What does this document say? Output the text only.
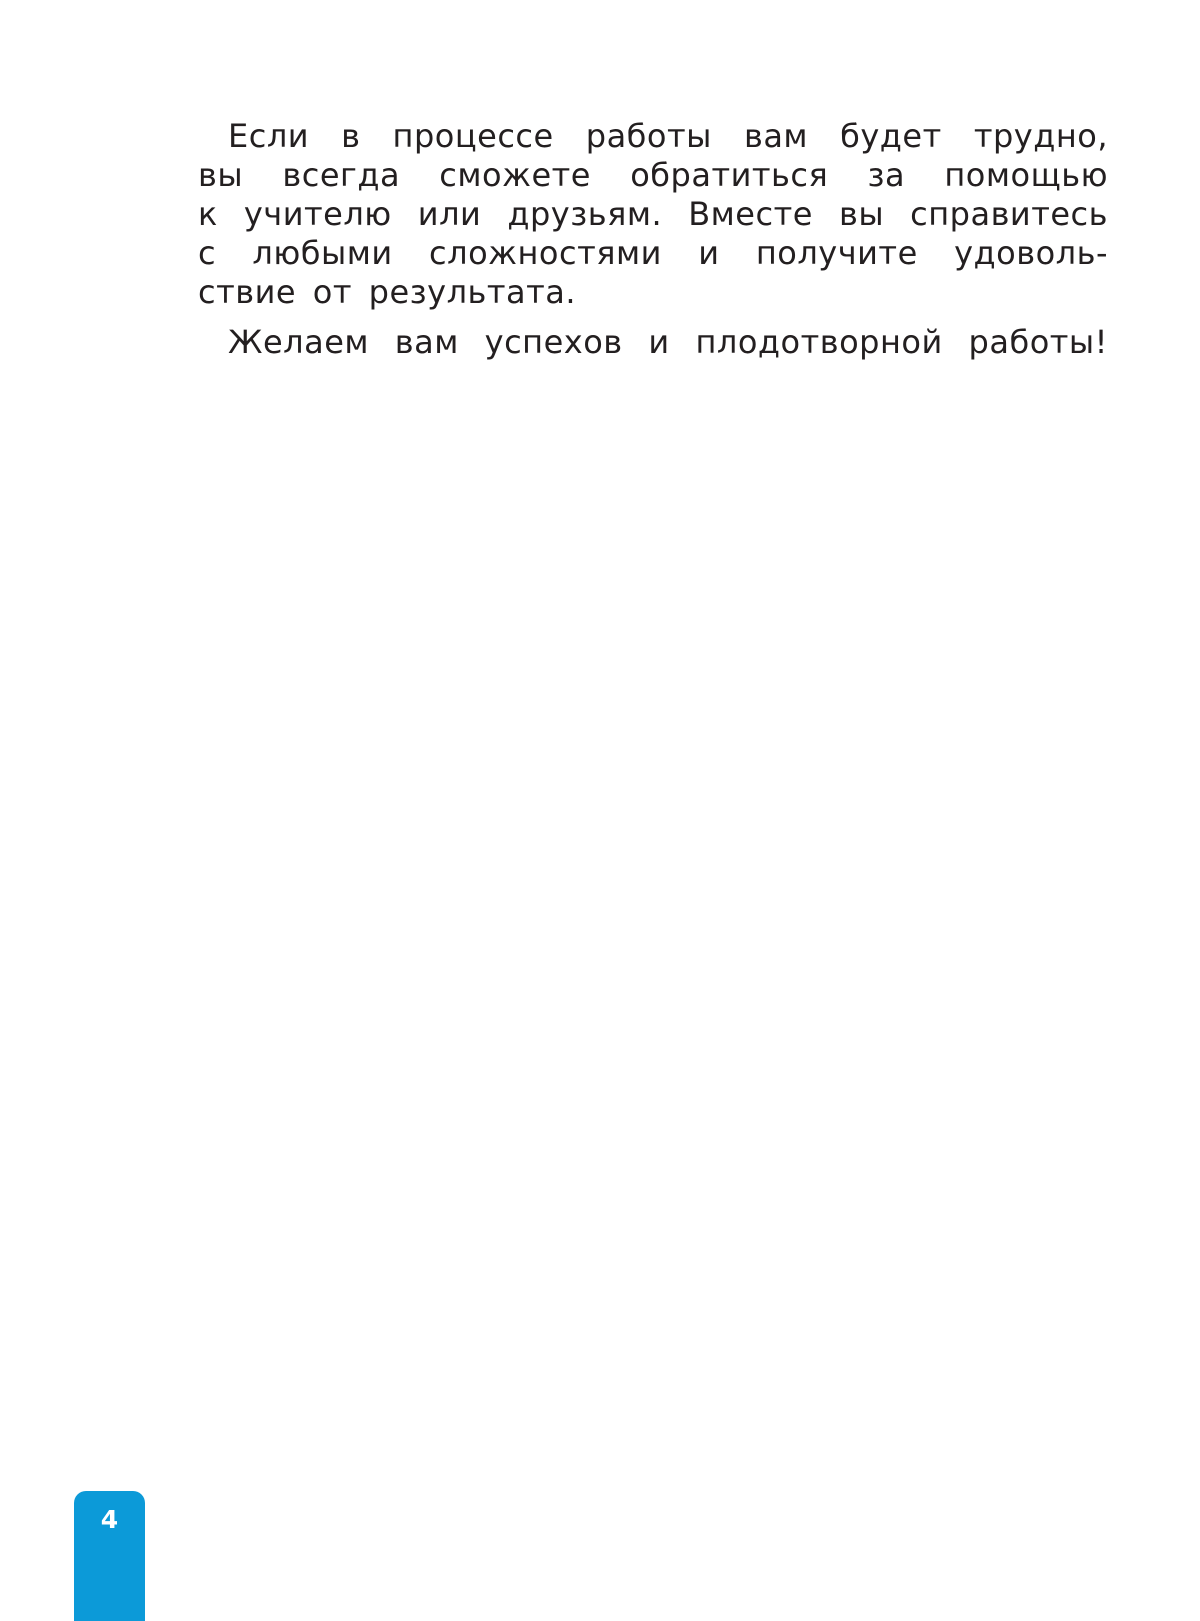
Если в процессе работы вам будет трудно,
вы всегда сможете обратиться за помощью
к учителю или друзьям. Вместе вы справитесь
с любыми сложностями и получите удоволь-
ствие от результата.

Желаем вам успехов и плодотворной работы!

4
